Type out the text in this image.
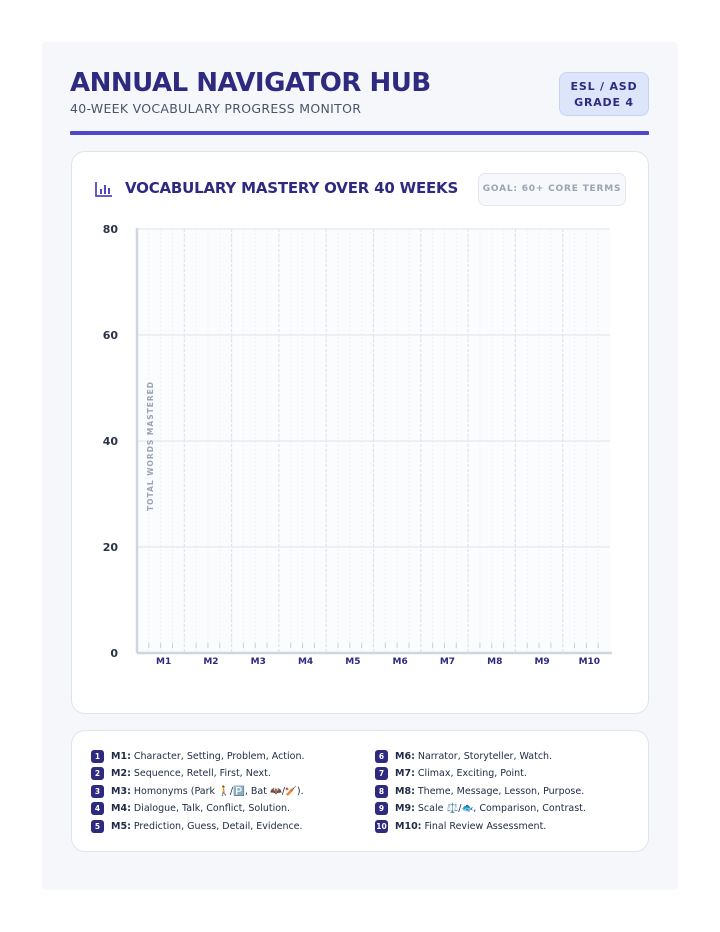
ANNUAL NAVIGATOR HUB
40-WEEK VOCABULARY PROGRESS MONITOR
ESL / ASD
GRADE 4
VOCABULARY MASTERY OVER 40 WEEKS	GOAL: 60+ CORE TERMS
0
20
40
60
80
M1	M2	M3	M4	M5	M6	M7	M8	M9	M10
TOTAL WORDS MASTERED
1	M1: Character, Setting, Problem, Action.
2	M2: Sequence, Retell, First, Next.
3	M3: Homonyms (Park 🚶/🅿️, Bat 🦇/🏏).
4	M4: Dialogue, Talk, Conflict, Solution.
5	M5: Prediction, Guess, Detail, Evidence.
6	M6: Narrator, Storyteller, Watch.
7	M7: Climax, Exciting, Point.
8	M8: Theme, Message, Lesson, Purpose.
9	M9: Scale ⚖️/🐟, Comparison, Contrast.
10 M10: Final Review Assessment.
